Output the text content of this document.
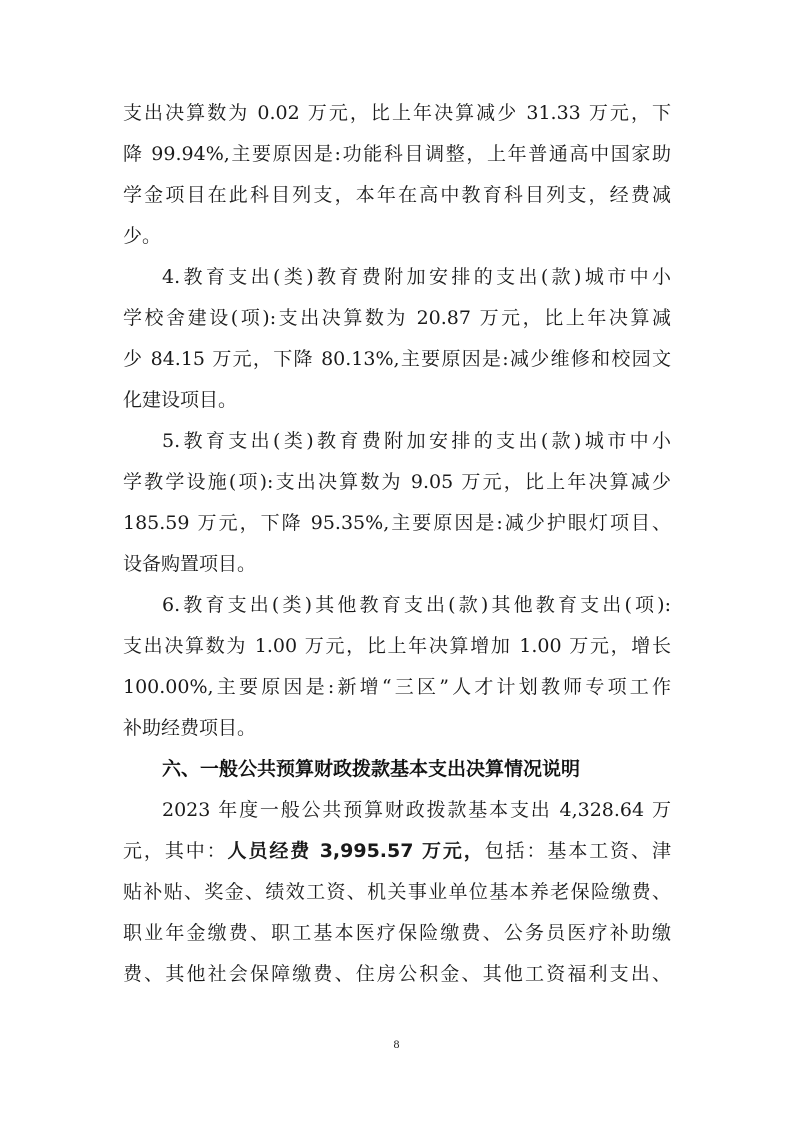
支出决算数为 0.02 万元，比上年决算减少 31.33 万元，下
降 99.94%,主要原因是:功能科目调整，上年普通高中国家助
学金项目在此科目列支，本年在高中教育科目列支，经费减
少。
4.教育支出(类)教育费附加安排的支出(款)城市中小
学校舍建设(项):支出决算数为 20.87 万元，比上年决算减
少 84.15 万元，下降 80.13%,主要原因是:减少维修和校园文
化建设项目。
5.教育支出(类)教育费附加安排的支出(款)城市中小
学教学设施(项):支出决算数为 9.05 万元，比上年决算减少
185.59 万元，下降 95.35%,主要原因是:减少护眼灯项目、
设备购置项目。
6.教育支出(类)其他教育支出(款)其他教育支出(项):
支出决算数为 1.00 万元，比上年决算增加 1.00 万元，增长
100.00%,主要原因是:新增“三区”人才计划教师专项工作
补助经费项目。
六、一般公共预算财政拨款基本支出决算情况说明
2023 年度一般公共预算财政拨款基本支出 4,328.64 万
元，其中：人员经费 3,995.57 万元，包括：基本工资、津
贴补贴、奖金、绩效工资、机关事业单位基本养老保险缴费、
职业年金缴费、职工基本医疗保险缴费、公务员医疗补助缴
费、其他社会保障缴费、住房公积金、其他工资福利支出、
8
